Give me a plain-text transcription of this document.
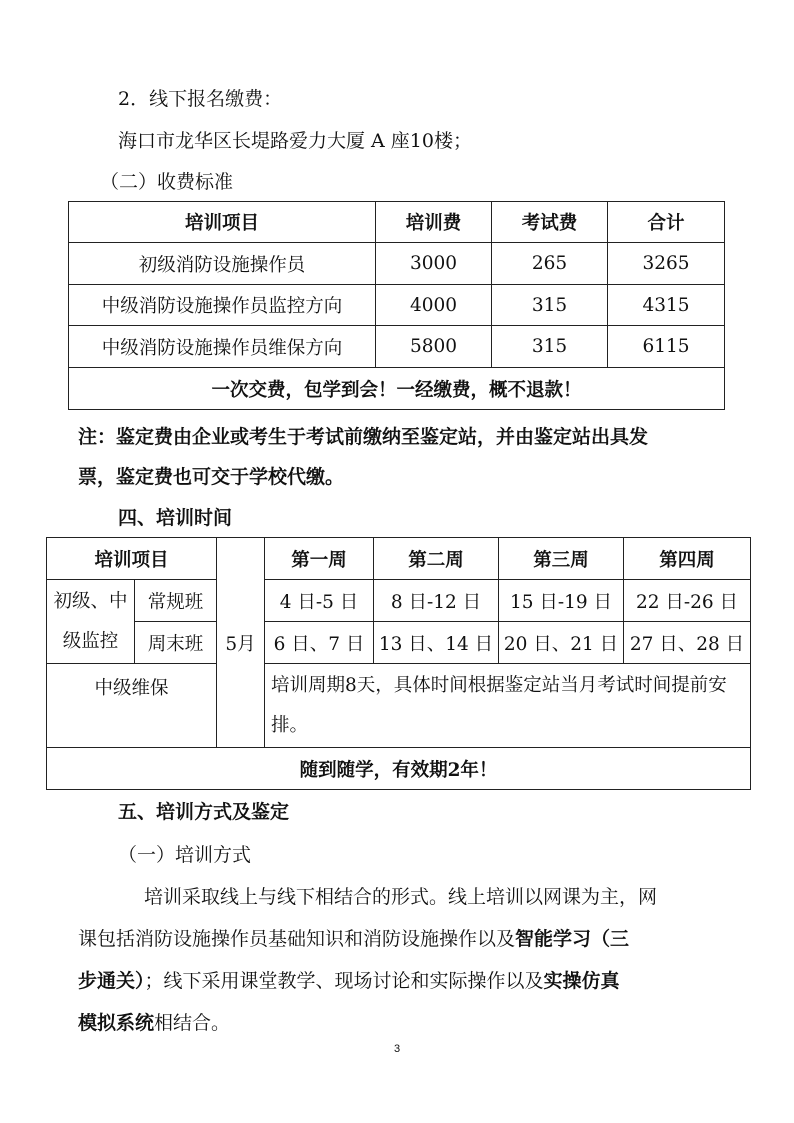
2．线下报名缴费：
海口市龙华区长堤路爱力大厦 A 座10楼；
（二）收费标准
培训项目	培训费	考试费	合计
初级消防设施操作员	3000	265	3265
中级消防设施操作员监控方向	4000	315	4315
中级消防设施操作员维保方向	5800	315	6115
一次交费，包学到会！一经缴费，概不退款！			
注：鉴定费由企业或考生于考试前缴纳至鉴定站，并由鉴定站出具发
票，鉴定费也可交于学校代缴。
四、培训时间
培训项目		5月	第一周	第二周	第三周	第四周
初级、中级监控	常规班		4 日-5 日	8 日-12 日	15 日-19 日	22 日-26 日
	周末班		6 日、7 日	13 日、14 日	20 日、21 日	27 日、28 日
中级维保			培训周期8天，具体时间根据鉴定站当月考试时间提前安排。			
随到随学，有效期2年！						
五、培训方式及鉴定
（一）培训方式
培训采取线上与线下相结合的形式。线上培训以网课为主，网
课包括消防设施操作员基础知识和消防设施操作以及智能学习（三
步通关）；线下采用课堂教学、现场讨论和实际操作以及实操仿真
模拟系统相结合。
3
